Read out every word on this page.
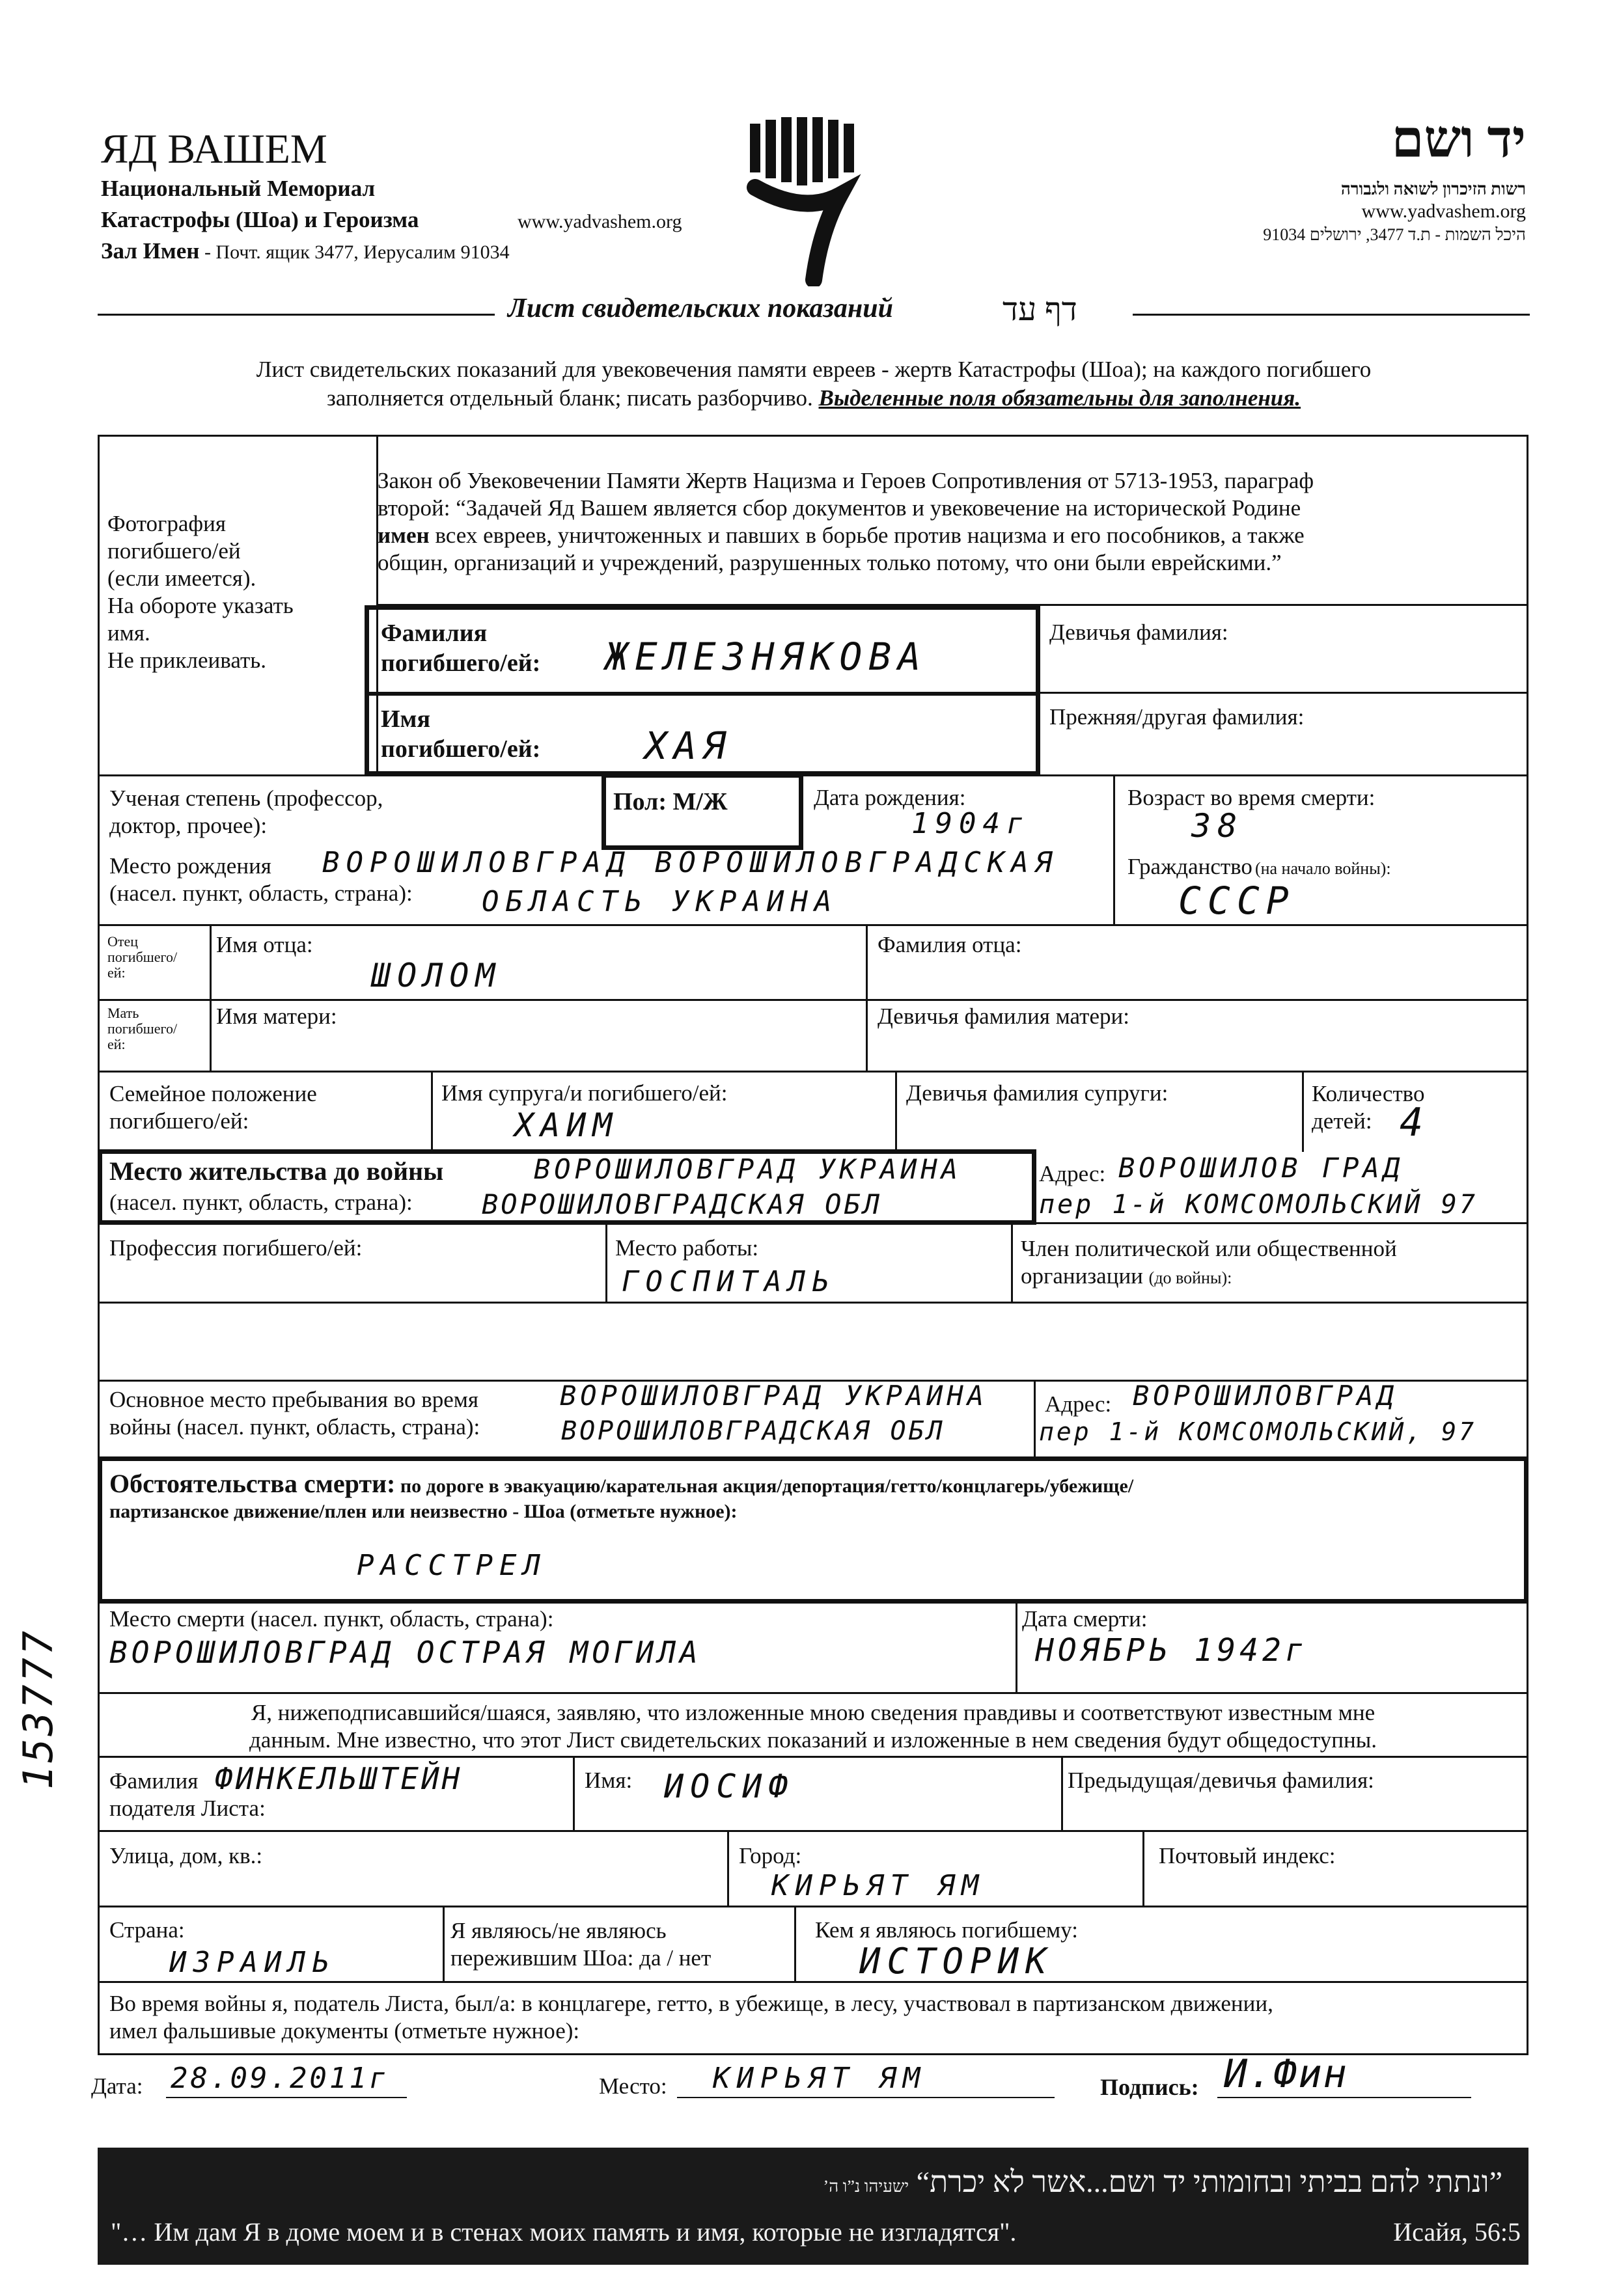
ЯД ВАШЕМ
Национальный Мемориал
Катастрофы (Шоа) и Героизма	www.yadvashem.org
Зал Имен - Почт. ящик 3477, Иерусалим 91034
יד ושם
רשות הזיכרון לשואה ולגבורה
www.yadvashem.org
היכל השמות - ת.ד 3477, ירושלים 91034
Лист свидетельских показаний	דף עד
Лист свидетельских показаний для увековечения памяти евреев - жертв Катастрофы (Шоа); на каждого погибшего
заполняется отдельный бланк; писать разборчиво. Выделенные поля обязательны для заполнения.
Фотография
погибшего/ей
(если имеется).
На обороте указать
имя.
Не приклеивать.
Закон об Увековечении Памяти Жертв Нацизма и Героев Сопротивления от 5713-1953, параграф
второй: “Задачей Яд Вашем является сбор документов и увековечение на исторической Родине
имен всех евреев, уничтоженных и павших в борьбе против нацизма и его пособников, а также
общин, организаций и учреждений, разрушенных только потому, что они были еврейскими.”
Фамилия
погибшего/ей: ЖЕЛЕЗНЯКОВА
Девичья фамилия:
Имя
погибшего/ей:	ХАЯ
Прежняя/другая фамилия:
Ученая степень (профессор,
доктор, прочее):
Пол: М/Ж	Дата рождения:
1904г
Возраст во время смерти:
38
Место рождения
(насел. пункт, область, страна):
ВОРОШИЛОВГРАД ВОРОШИЛОВГРАДСКАЯ
ОБЛАСТЬ УКРАИНА
Гражданство (на начало войны):
СССР
Отец
погибшего/
ей:
Имя отца:
ШОЛОМ
Фамилия отца:
Мать
погибшего/
ей:
Имя матери:	Девичья фамилия матери:
Семейное положение
погибшего/ей:
Имя супруга/и погибшего/ей:
ХАИМ
Девичья фамилия супруги:	Количество
детей: 4
Место жительства до войны
(насел. пункт, область, страна):
ВОРОШИЛОВГРАД УКРАИНА
ВОРОШИЛОВГРАДСКАЯ ОБЛ
Адрес: ВОРОШИЛОВ ГРАД
пер 1-й КОМСОМОЛЬСКИЙ 97
Профессия погибшего/ей:	Место работы:
ГОСПИТАЛЬ
Член политической или общественной
организации (до войны):
Основное место пребывания во время
войны (насел. пункт, область, страна):
ВОРОШИЛОВГРАД УКРАИНА
ВОРОШИЛОВГРАДСКАЯ ОБЛ
Адрес: ВОРОШИЛОВГРАД
пер 1-й КОМСОМОЛЬСКИЙ, 97
Обстоятельства смерти: по дороге в эвакуацию/карательная акция/депортация/гетто/концлагерь/убежище/
партизанское движение/плен или неизвестно - Шоа (отметьте нужное):
РАССТРЕЛ
Место смерти (насел. пункт, область, страна):
ВОРОШИЛОВГРАД ОСТРАЯ МОГИЛА
Дата смерти:
НОЯБРЬ 1942г
153777	Я, нижеподписавшийся/шаяся, заявляю, что изложенные мною сведения правдивы и соответствуют известным мне
данным. Мне известно, что этот Лист свидетельских показаний и изложенные в нем сведения будут общедоступны.
Фамилия
подателя Листа:
ФИНКЕЛЬШТЕЙН	Имя: ИОСИФ	Предыдущая/девичья фамилия:
Улица, дом, кв.:	Город:
КИРЬЯТ ЯМ
Почтовый индекс:
Страна:
ИЗРАИЛЬ
Я являюсь/не являюсь
пережившим Шоа: да / нет
Кем я являюсь погибшему:
ИСТОРИК
Во время войны я, податель Листа, был/а: в концлагере, гетто, в убежище, в лесу, участвовал в партизанском движении,
имел фальшивые документы (отметьте нужное):
Дата: 28.09.2011г	Место: КИРЬЯТ ЯМ	Подпись: И.Фин
”ונתתי להם בביתי ובחומותי יד ושם...אשר לא יכרת“ ישעיהו נ”ו ה’
"… Им дам Я в доме моем и в стенах моих память и имя, которые не изгладятся".	Исайя, 56:5
